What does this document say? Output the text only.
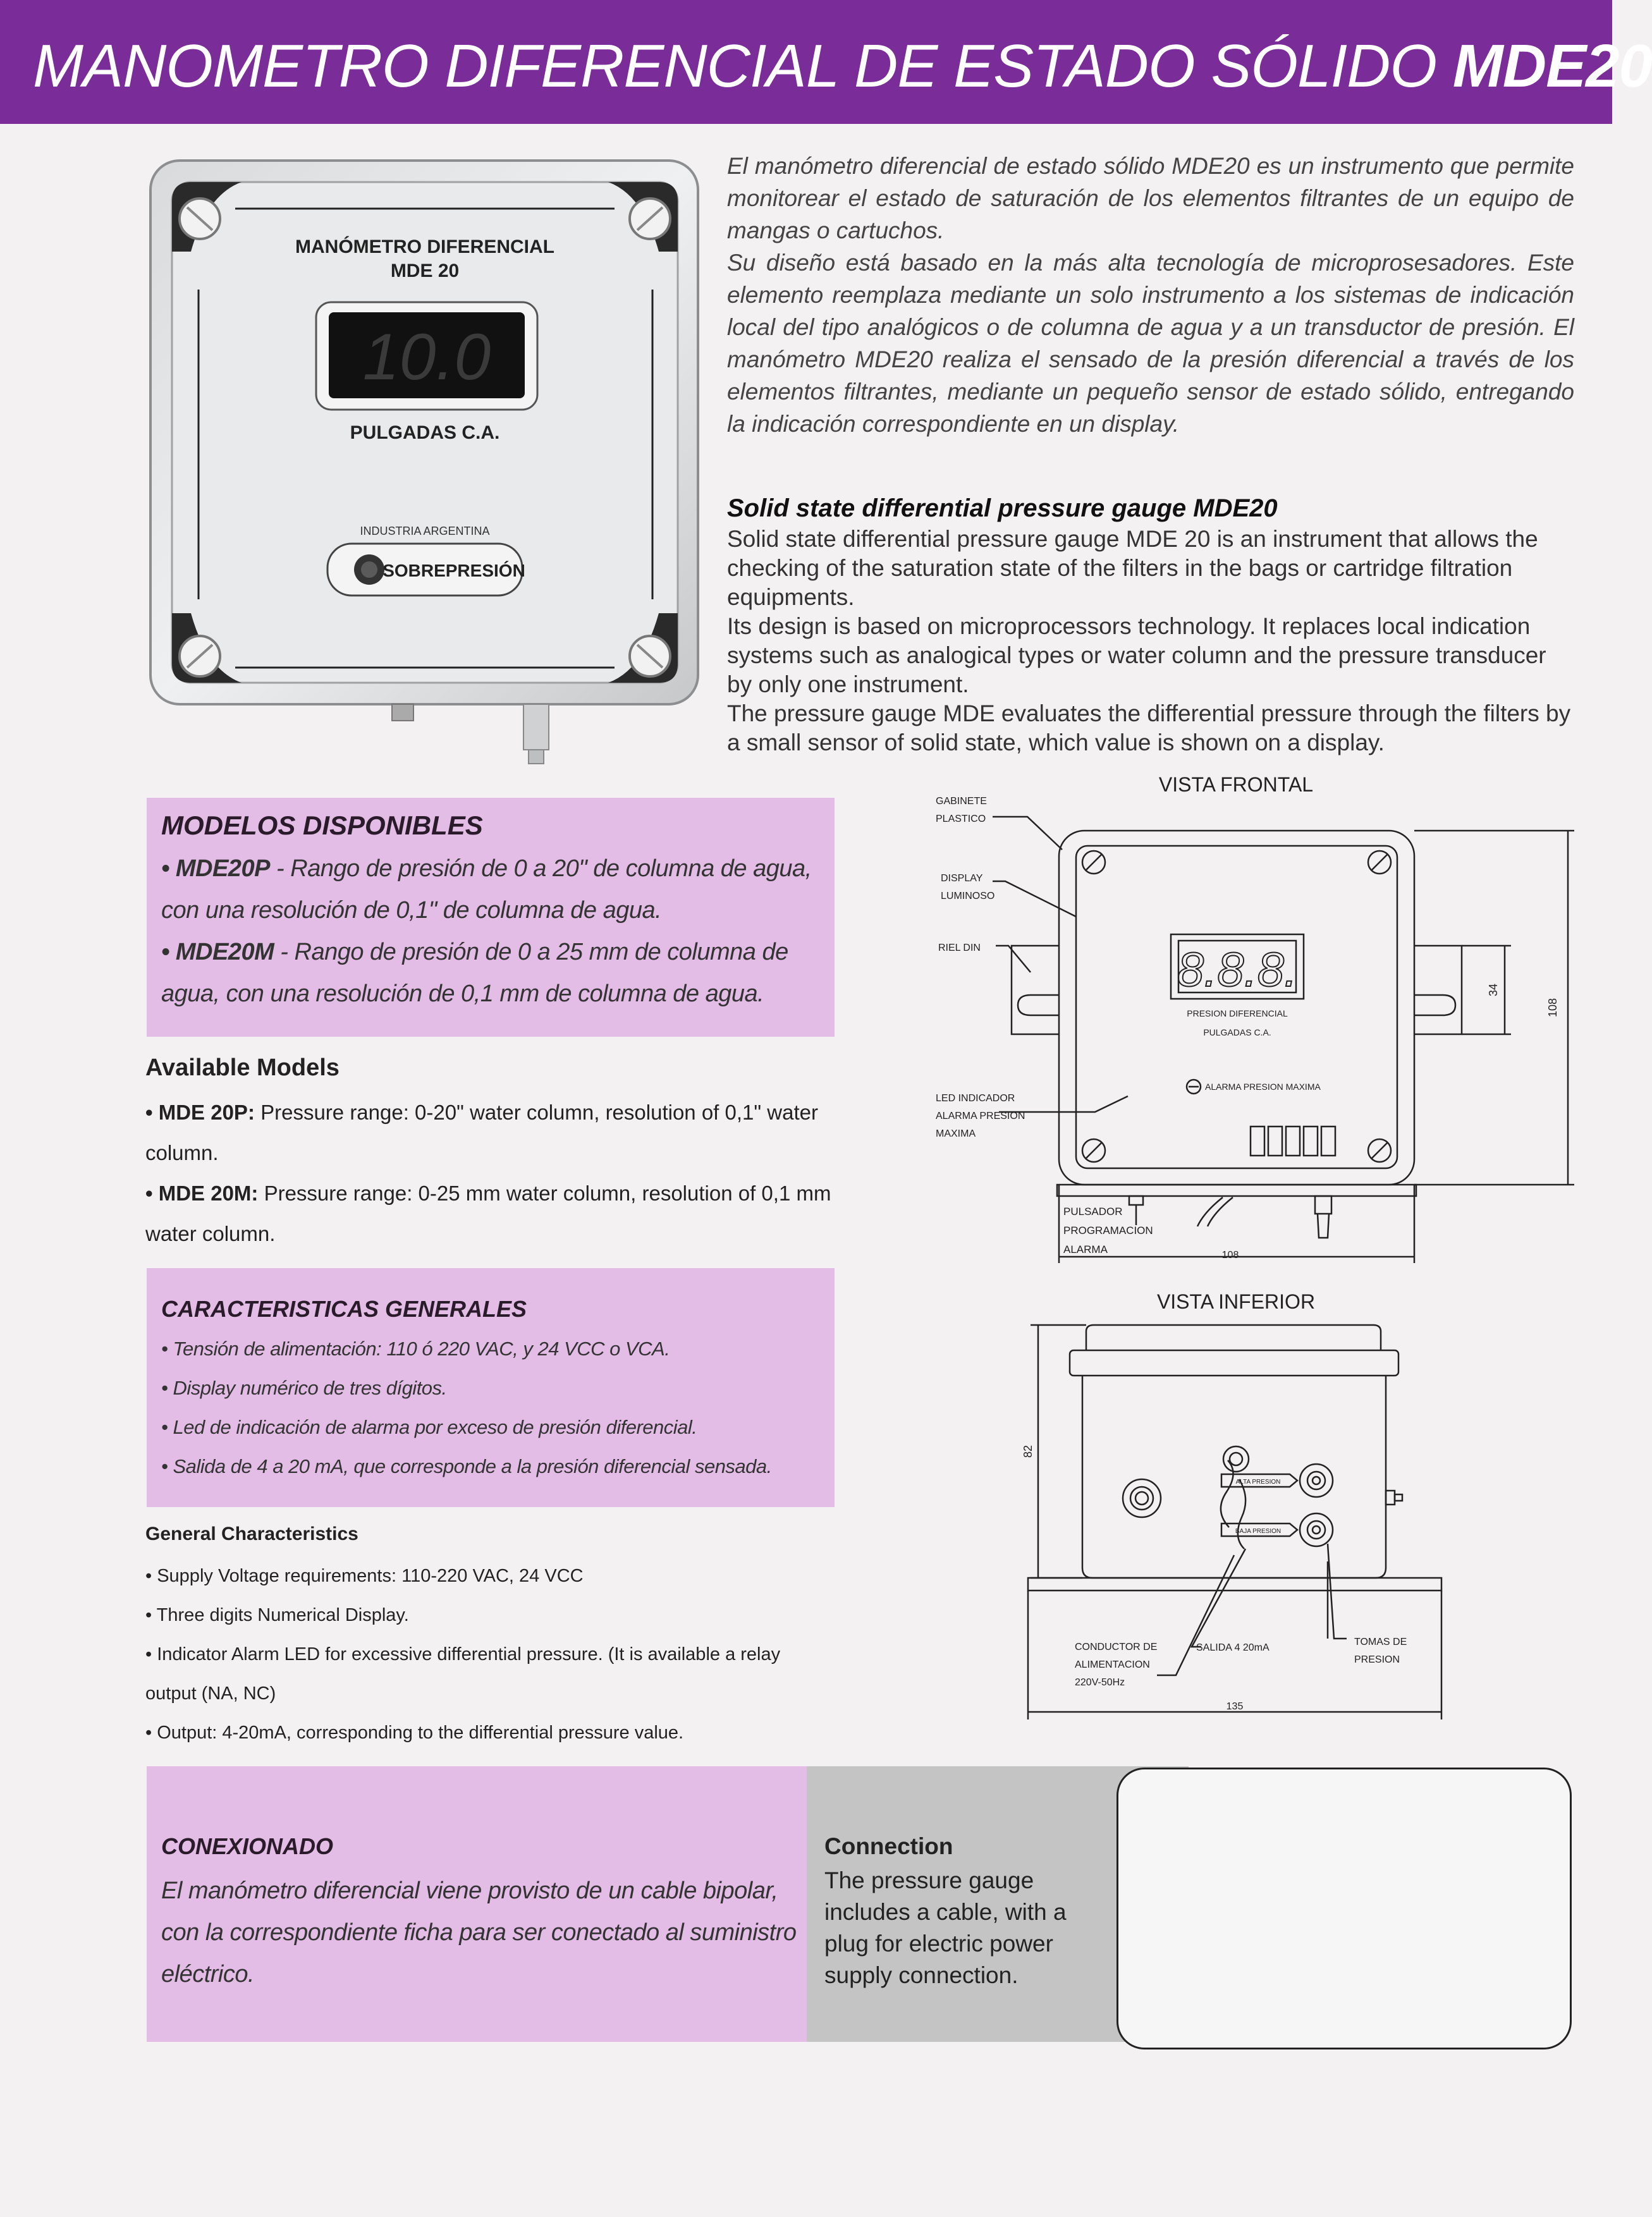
MANOMETRO DIFERENCIAL DE ESTADO SÓLIDO MDE20
MANÓMETRO DIFERENCIAL
MDE 20
10.0
PULGADAS C.A.
INDUSTRIA ARGENTINA
SOBREPRESIÓN
El manómetro diferencial de estado sólido MDE20 es un instrumento que permite monitorear el estado de saturación de los elementos filtrantes de un equipo de mangas o cartuchos.
Su diseño está basado en la más alta tecnología de microprosesadores. Este elemento reemplaza mediante un solo instrumento a los sistemas de indicación local del tipo analógicos o de columna de agua y a un transductor de presión. El manómetro MDE20 realiza el sensado de la presión diferencial a través de los elementos filtrantes, mediante un pequeño sensor de estado sólido, entregando la indicación correspondiente en un display.
Solid state differential pressure gauge MDE20
Solid state differential pressure gauge MDE 20 is an instrument that allows the checking of the saturation state of the filters in the bags or cartridge filtration equipments.
Its design is based on microprocessors technology. It replaces local indication systems such as analogical types or water column and the pressure transducer by only one instrument.
The pressure gauge MDE evaluates the differential pressure through the filters by a small sensor of solid state, which value is shown on a display.
MODELOS DISPONIBLES
• MDE20P - Rango de presión de 0 a 20" de columna de agua,
con una resolución de 0,1" de columna de agua.
• MDE20M - Rango de presión de 0 a 25 mm de columna de
agua, con una resolución de 0,1 mm de columna de agua.
Available Models
• MDE 20P: Pressure range: 0-20" water column, resolution of 0,1" water
column.
• MDE 20M: Pressure range: 0-25 mm water column, resolution of 0,1 mm
water column.
CARACTERISTICAS GENERALES
• Tensión de alimentación: 110 ó 220 VAC, y 24 VCC o VCA.
• Display numérico de tres dígitos.
• Led de indicación de alarma por exceso de presión diferencial.
• Salida de 4 a 20 mA, que corresponde a la presión diferencial sensada.
General Characteristics
• Supply Voltage requirements: 110-220 VAC, 24 VCC
• Three digits Numerical Display.
• Indicator Alarm LED for excessive differential pressure. (It is available a relay
output (NA, NC)
• Output: 4-20mA, corresponding to the differential pressure value.
CONEXIONADO
El manómetro diferencial viene provisto de un cable bipolar,
con la correspondiente ficha para ser conectado al suministro
eléctrico.
Connection
The pressure gauge
includes a cable, with a
plug for electric power
supply connection.
VISTA FRONTAL
8.8.8.
PRESION DIFERENCIAL
PULGADAS C.A.
ALARMA PRESION MAXIMA
GABINETE
PLASTICO
DISPLAY
LUMINOSO
RIEL DIN
LED INDICADOR
ALARMA PRESION
MAXIMA
PULSADOR
PROGRAMACION
ALARMA	108
108
34
VISTA INFERIOR
ALTA PRESION
BAJA PRESION
CONDUCTOR DE
ALIMENTACION
220V-50Hz
SALIDA 4 20mA
TOMAS DE
PRESION
82
135
